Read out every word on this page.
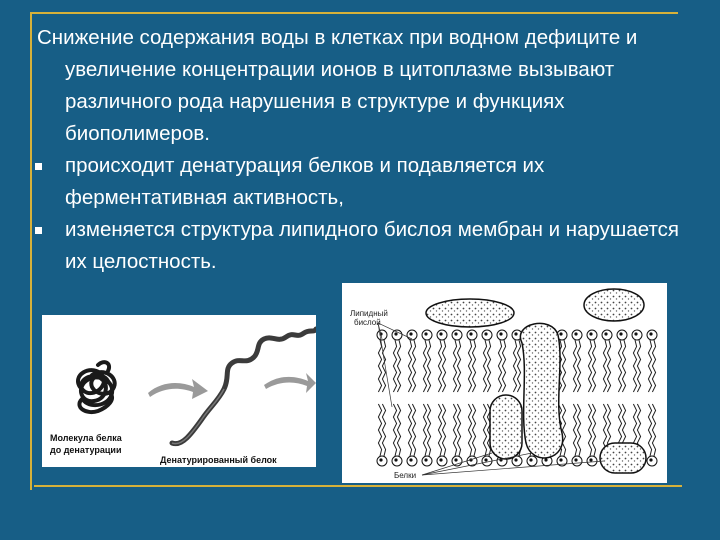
Снижение содержания воды в клетках при водном дефиците и увеличение концентрации ионов в цитоплазме вызывают различного рода нарушения в структуре и функциях биополимеров.

происходит денатурация белков и подавляется их ферментативная активность,
изменяется структура липидного бислоя мембран и нарушается их целостность.
Молекула белка
до денатурации
Денатурированный белок
Липидный
бислой
Белки
